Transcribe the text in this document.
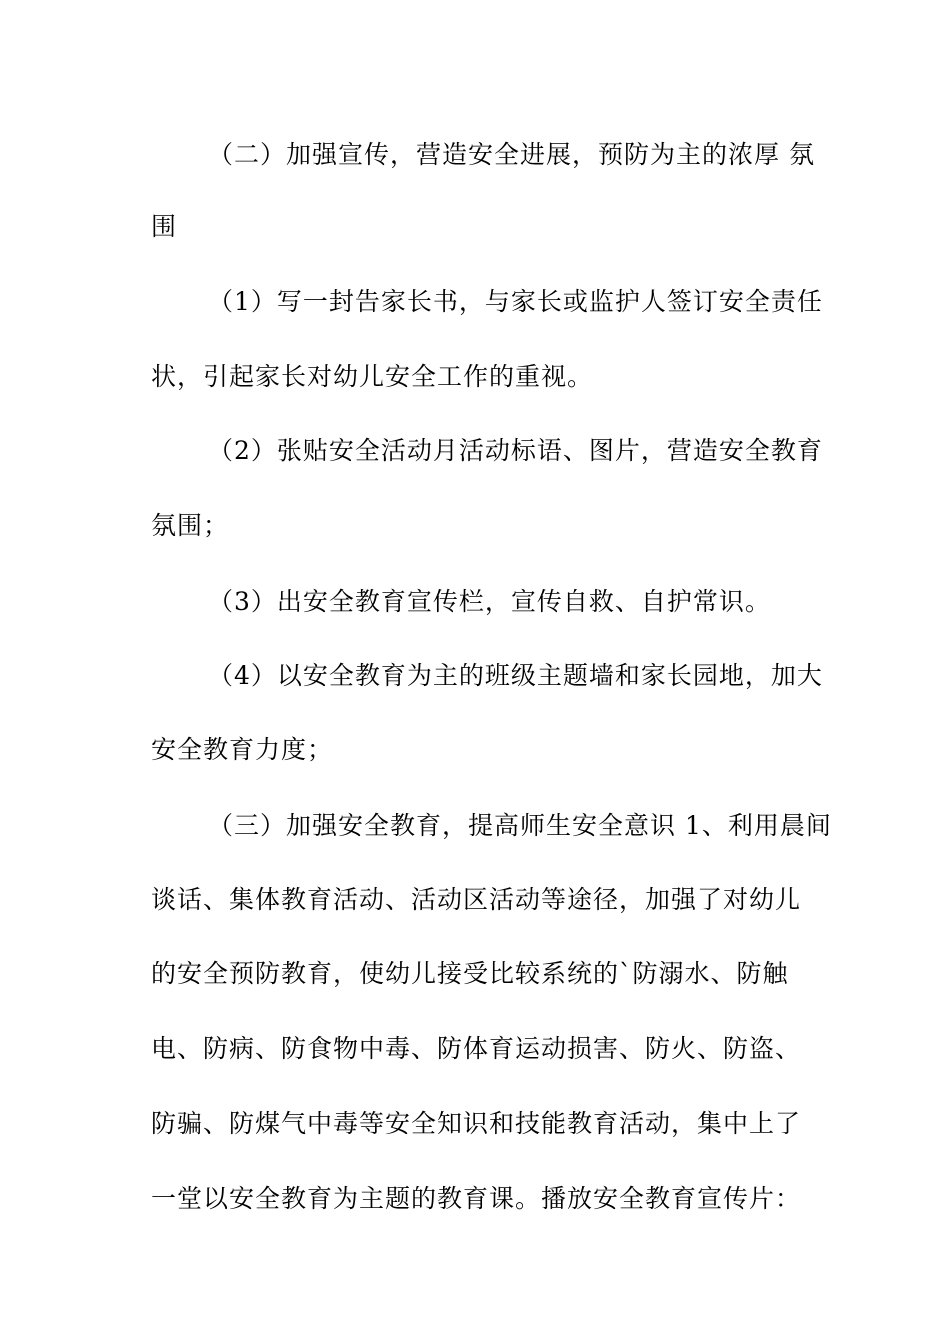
（二）加强宣传，营造安全进展，预防为主的浓厚 氛
围
（1）写一封告家长书，与家长或监护人签订安全责任
状，引起家长对幼儿安全工作的重视。
（2）张贴安全活动月活动标语、图片，营造安全教育
氛围；
（3）出安全教育宣传栏，宣传自救、自护常识。
（4）以安全教育为主的班级主题墙和家长园地，加大
安全教育力度；
（三）加强安全教育，提高师生安全意识 1、利用晨间
谈话、集体教育活动、活动区活动等途径，加强了对幼儿
的安全预防教育，使幼儿接受比较系统的`防溺水、防触
电、防病、防食物中毒、防体育运动损害、防火、防盗、
防骗、防煤气中毒等安全知识和技能教育活动，集中上了
一堂以安全教育为主题的教育课。播放安全教育宣传片：
